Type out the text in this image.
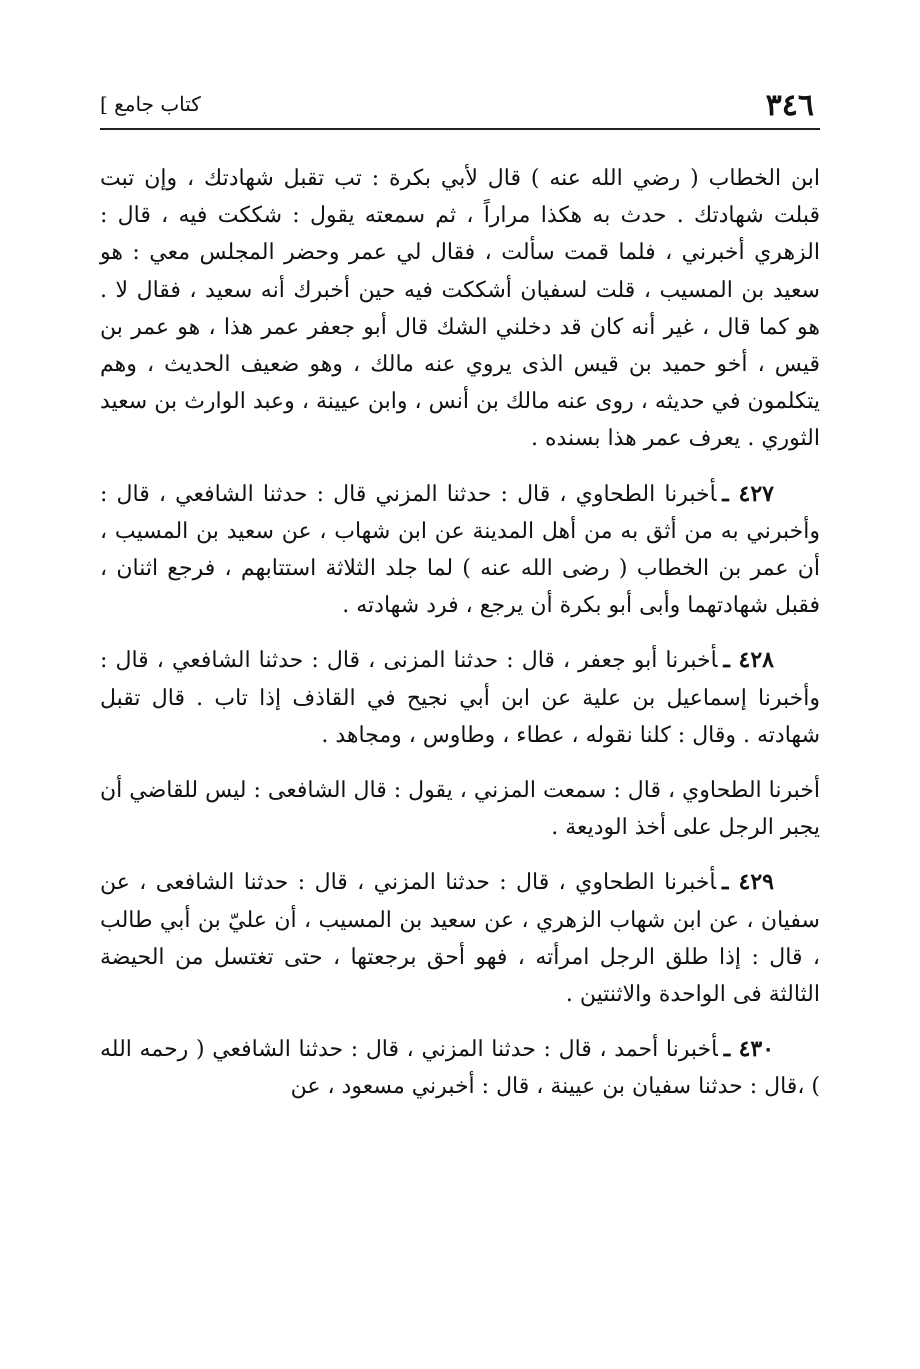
٣٤٦
كتاب جامع ]

ابن الخطاب ( رضي الله عنه ) قال لأبي بكرة : تب تقبل شهادتك ، وإن تبت قبلت شهادتك . حدث به هكذا مراراً ، ثم سمعته يقول : شككت فيه ، قال : الزهري أخبرني ، فلما قمت سألت ، فقال لي عمر وحضر المجلس معي : هو سعيد بن المسيب ، قلت لسفيان أشككت فيه حين أخبرك أنه سعيد ، فقال لا . هو كما قال ، غير أنه كان قد دخلني الشك قال أبو جعفر عمر هذا ، هو عمر بن قيس ، أخو حميد بن قيس الذى يروي عنه مالك ، وهو ضعيف الحديث ، وهم يتكلمون في حديثه ، روى عنه مالك بن أنس ، وابن عيينة ، وعبد الوارث بن سعيد الثوري . يعرف عمر هذا بسنده .

٤٢٧ ـأخبرنا الطحاوي ، قال : حدثنا المزني قال : حدثنا الشافعي ، قال : وأخبرني به من أثق به من أهل المدينة عن ابن شهاب ، عن سعيد بن المسيب ، أن عمر بن الخطاب ( رضى الله عنه ) لما جلد الثلاثة استتابهم ، فرجع اثنان ، فقبل شهادتهما وأبى أبو بكرة أن يرجع ، فرد شهادته .

٤٢٨ ـأخبرنا أبو جعفر ، قال : حدثنا المزنى ، قال : حدثنا الشافعي ، قال : وأخبرنا إسماعيل بن علية عن ابن أبي نجيح في القاذف إذا تاب . قال تقبل شهادته . وقال : كلنا نقوله ، عطاء ، وطاوس ، ومجاهد .

أخبرنا الطحاوي ، قال : سمعت المزني ، يقول : قال الشافعى : ليس للقاضي أن يجبر الرجل على أخذ الوديعة .

٤٢٩ ـأخبرنا الطحاوي ، قال : حدثنا المزني ، قال : حدثنا الشافعى ، عن سفيان ، عن ابن شهاب الزهري ، عن سعيد بن المسيب ، أن عليّ بن أبي طالب ، قال : إذا طلق الرجل امرأته ، فهو أحق برجعتها ، حتى تغتسل من الحيضة الثالثة فى الواحدة والاثنتين .

٤٣٠ ـأخبرنا أحمد ، قال : حدثنا المزني ، قال : حدثنا الشافعي ( رحمه الله ) ،قال : حدثنا سفيان بن عيينة ، قال : أخبرني مسعود ، عن
